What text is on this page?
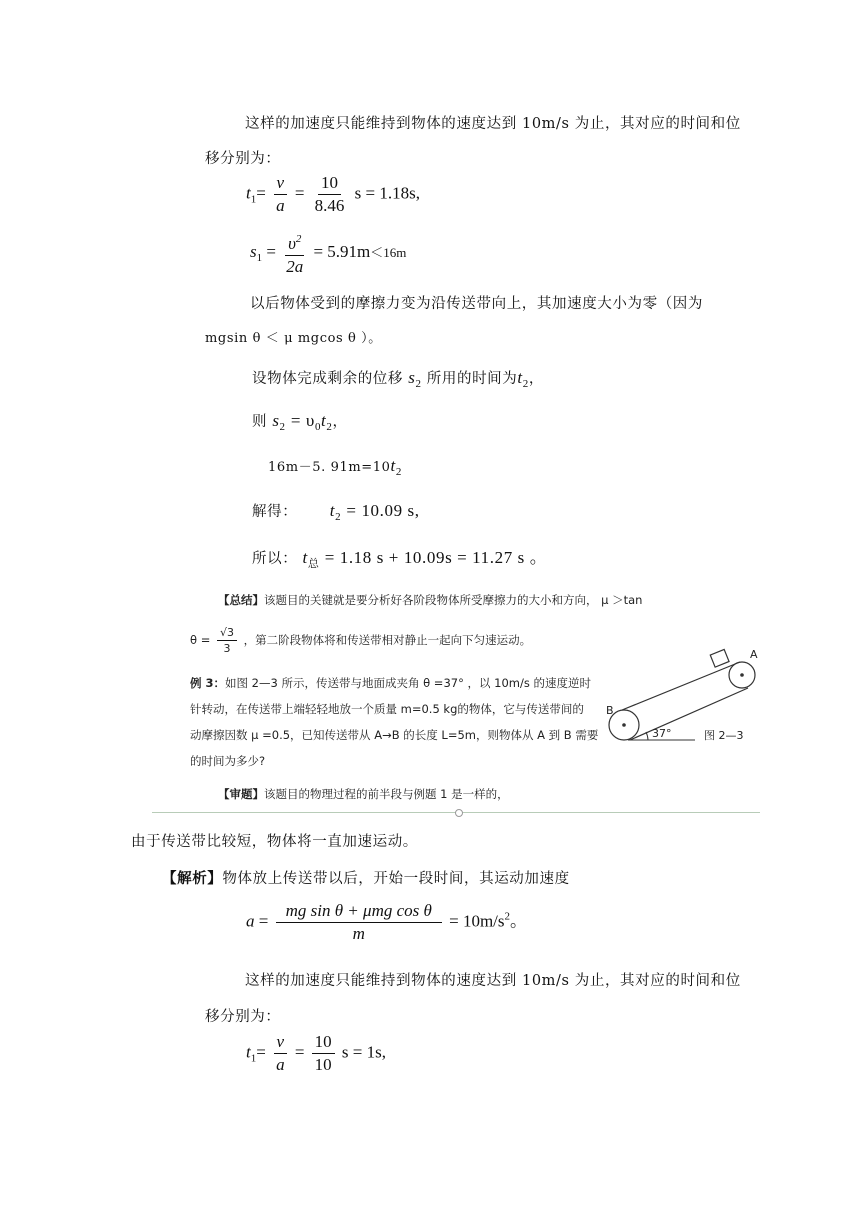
这样的加速度只能维持到物体的速度达到 10m/s 为止，其对应的时间和位
移分别为：
$t_1= \frac{v}{a} = \frac{10}{8.46}$ s = 1.18s,
$s_1 = \frac{\upsilon^2}{2a} = 5.91m<16m$
以后物体受到的摩擦力变为沿传送带向上，其加速度大小为零（因为
mgsin θ ＜ μ mgcos θ ）。
设物体完成剩余的位移 $s_2$ 所用的时间为$t_2$，
则 $s_2 = \upsilon_0t_2$，
16m－5. $91m=10t_2$
解得： $t_2 = 10.09$ s,
所以： $t_总 = 1.18$ s + 10.09s = 11.27 s 。
【总结】该题目的关键就是要分析好各阶段物体所受摩擦力的大小和方向， μ ＞tan
$\theta = \frac{√3}{3}$ ，第二阶段物体将和传送带相对静止一起向下匀速运动。
例 3：如图 2—3 所示，传送带与地面成夹角 θ =37° ，以 10m/s 的速度逆时
针转动，在传送带上端轻轻地放一个质量 m=0.5 kg的物体，它与传送带间的
动摩擦因数 μ =0.5，已知传送带从 A→B 的长度 L=5m，则物体从 A 到 B 需要
的时间为多少?
【审题】该题目的物理过程的前半段与例题 1 是一样的，
B
A
37°	图 2—3
由于传送带比较短，物体将一直加速运动。
【解析】物体放上传送带以后，开始一段时间，其运动加速度
$a = \frac{\text{mg sin θ + μmg cos θ}}{m} = 10m/s^2$。
这样的加速度只能维持到物体的速度达到 10m/s 为止，其对应的时间和位
移分别为：
$t_1= \frac{v}{a} = \frac{10}{10}$ s = 1s,
